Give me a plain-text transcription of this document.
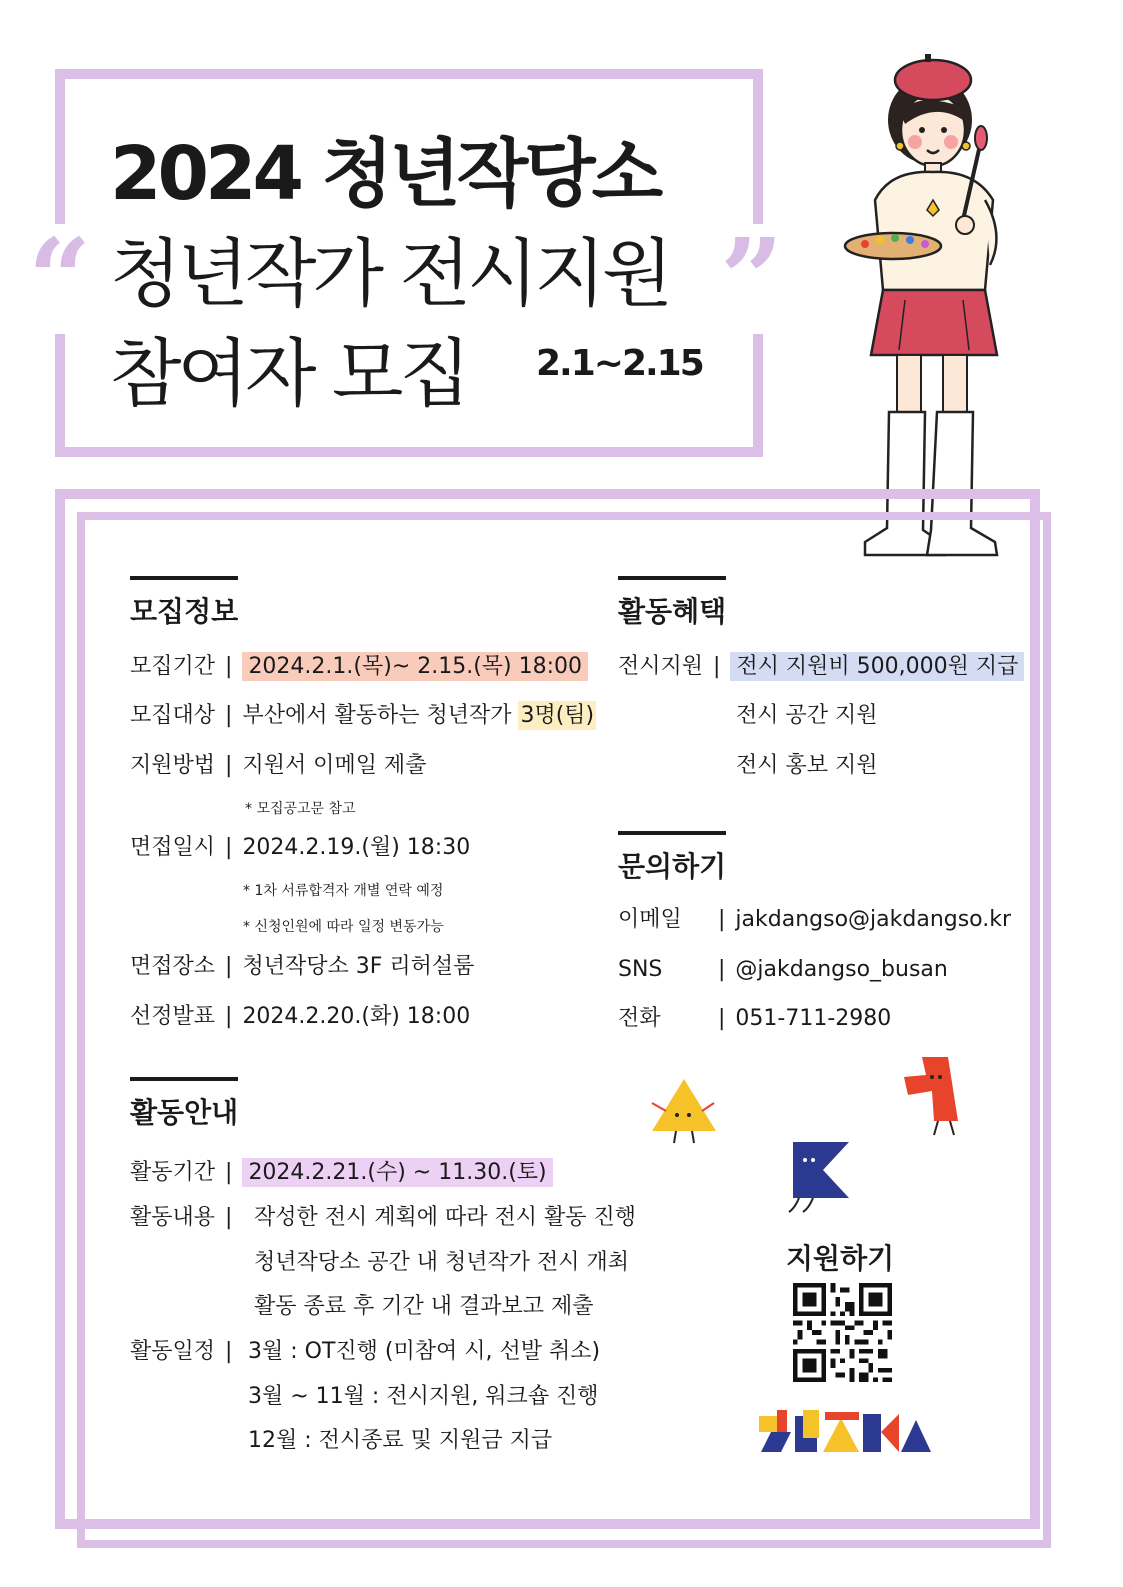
“	”
2024 청년작당소
청년작가 전시지원
참여자 모집 2.1~2.15
모집정보
모집기간 | 2024.2.1.(목)~ 2.15.(목) 18:00
모집대상 | 부산에서 활동하는 청년작가 3명(팀)
지원방법 | 지원서 이메일 제출
* 모집공고문 참고
면접일시 | 2024.2.19.(월) 18:30
* 1차 서류합격자 개별 연락 예정
* 신청인원에 따라 일정 변동가능
면접장소 | 청년작당소 3F 리허설룸
선정발표 | 2024.2.20.(화) 18:00
활동혜택
전시지원 | 전시 지원비 500,000원 지급
전시 공간 지원
전시 홍보 지원
문의하기
이메일 | jakdangso@jakdangso.kr
SNS	| @jakdangso_busan
전화	| 051-711-2980
활동안내
활동기간 | 2024.2.21.(수) ~ 11.30.(토)
활동내용 | 작성한 전시 계획에 따라 전시 활동 진행
청년작당소 공간 내 청년작가 전시 개최
활동 종료 후 기간 내 결과보고 제출
활동일정 | 3월 : OT진행 (미참여 시, 선발 취소)
3월 ~ 11월 : 전시지원, 워크숍 진행
12월 : 전시종료 및 지원금 지급
지원하기
